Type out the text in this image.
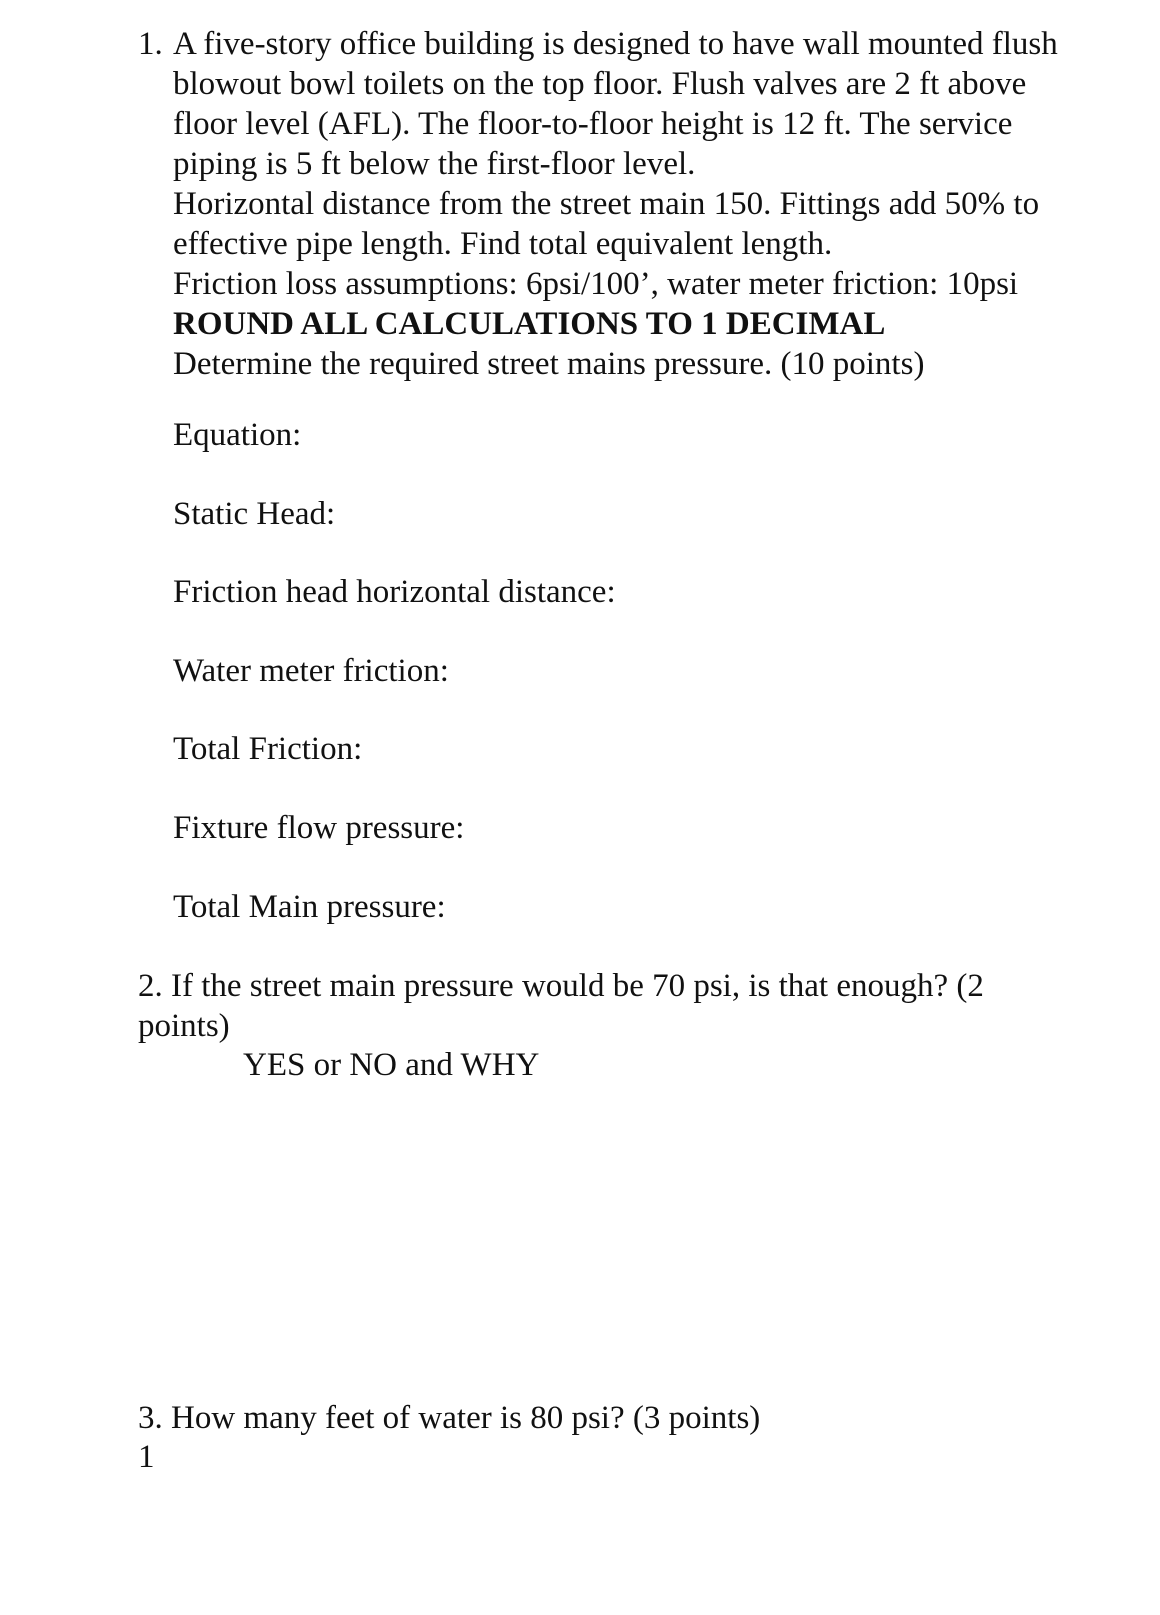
1. A five-story office building is designed to have wall mounted flush
blowout bowl toilets on the top floor. Flush valves are 2 ft above
floor level (AFL). The floor-to-floor height is 12 ft. The service
piping is 5 ft below the first-floor level.
Horizontal distance from the street main 150. Fittings add 50% to
effective pipe length. Find total equivalent length.
Friction loss assumptions: 6psi/100’, water meter friction: 10psi
ROUND ALL CALCULATIONS TO 1 DECIMAL
Determine the required street mains pressure. (10 points)
Equation:
Static Head:
Friction head horizontal distance:
Water meter friction:
Total Friction:
Fixture flow pressure:
Total Main pressure:
2. If the street main pressure would be 70 psi, is that enough? (2
points)
YES or NO and WHY
3. How many feet of water is 80 psi? (3 points)
1
